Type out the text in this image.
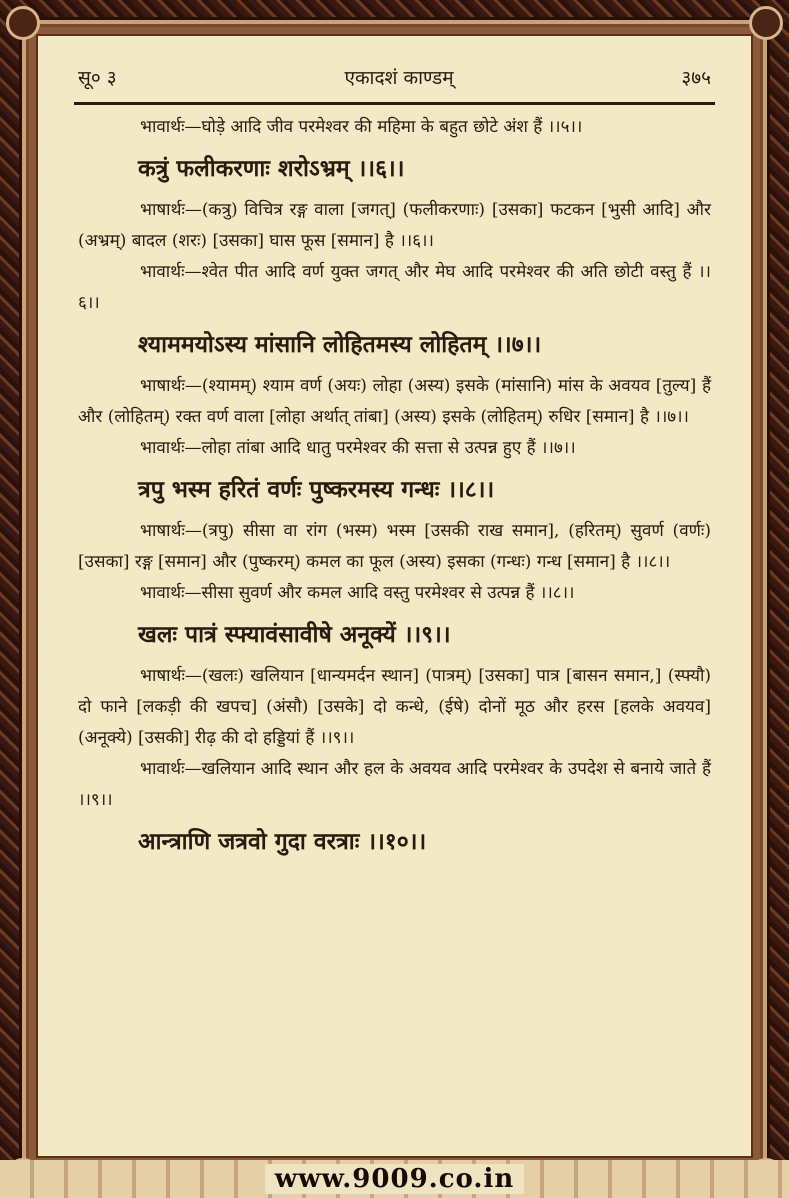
सू० ३	एकादशं काण्डम्	३७५

भावार्थः—घोड़े आदि जीव परमेश्वर की महिमा के बहुत छोटे अंश हैं ।।५।।

कत्रुं फलीकरणाः शरोऽभ्रम् ।।६।।

भाषार्थः—(कत्रु) विचित्र रङ्ग वाला [जगत्] (फलीकरणाः) [उसका] फटकन [भुसी आदि] और (अभ्रम्) बादल (शरः) [उसका] घास फूस [समान] है ।।६।।

भावार्थः—श्वेत पीत आदि वर्ण युक्त जगत् और मेघ आदि परमेश्वर की अति छोटी वस्तु हैं ।।६।।

श्याममयोऽस्य मांसानि लोहितमस्य लोहितम् ।।७।।

भाषार्थः—(श्यामम्) श्याम वर्ण (अयः) लोहा (अस्य) इसके (मांसानि) मांस के अवयव [तुल्य] हैं और (लोहितम्) रक्त वर्ण वाला [लोहा अर्थात् तांबा] (अस्य) इसके (लोहितम्) रुधिर [समान] है ।।७।।

भावार्थः—लोहा तांबा आदि धातु परमेश्वर की सत्ता से उत्पन्न हुए हैं ।।७।।

त्रपु भस्म हरितं वर्णः पुष्करमस्य गन्धः ।।८।।

भाषार्थः—(त्रपु) सीसा वा रांग (भस्म) भस्म [उसकी राख समान], (हरितम्) सुवर्ण (वर्णः) [उसका] रङ्ग [समान] और (पुष्करम्) कमल का फूल (अस्य) इसका (गन्धः) गन्ध [समान] है ।।८।।

भावार्थः—सीसा सुवर्ण और कमल आदि वस्तु परमेश्वर से उत्पन्न हैं ।।८।।

खलः पात्रं स्फ्यावंसावीषे अनूक्यें ।।९।।

भाषार्थः—(खलः) खलियान [धान्यमर्दन स्थान] (पात्रम्) [उसका] पात्र [बासन समान,] (स्फ्यौ) दो फाने [लकड़ी की खपच] (अंसौ) [उसके] दो कन्धे, (ईषे) दोनों मूठ और हरस [हलके अवयव] (अनूक्ये) [उसकी] रीढ़ की दो हड्डियां हैं ।।९।।

भावार्थः—खलियान आदि स्थान और हल के अवयव आदि परमेश्वर के उपदेश से बनाये जाते हैं ।।९।।

आन्त्राणि जत्रवो गुदा वरत्राः ।।१०।।
www.9009.co.in
